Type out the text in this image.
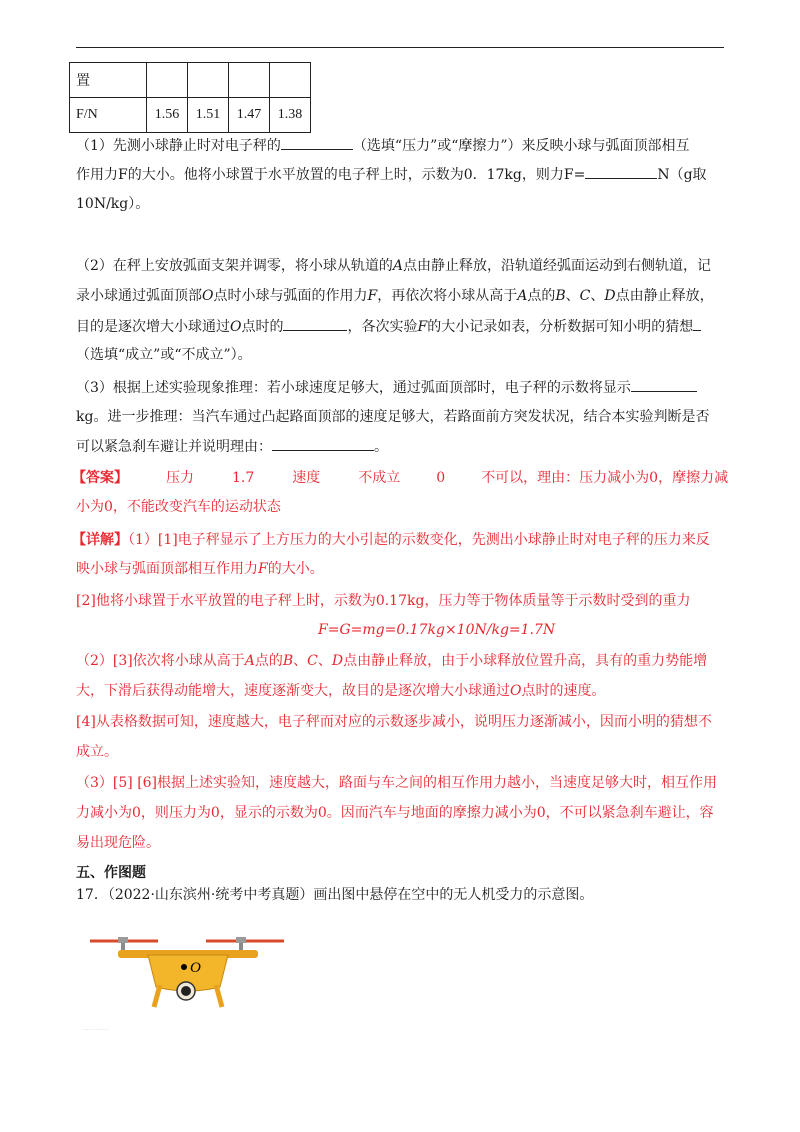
置				
F/N	1.56	1.51	1.47	1.38
（1）先测小球静止时对电子秤的	（选填“压力”或“摩擦力”）来反映小球与弧面顶部相互
作用力F的大小。他将小球置于水平放置的电子秤上时，示数为0．17kg，则力F=	N（g取
10N/kg）。
（2）在秤上安放弧面支架并调零，将小球从轨道的A点由静止释放，沿轨道经弧面运动到右侧轨道，记
录小球通过弧面顶部O点时小球与弧面的作用力F，再依次将小球从高于A点的B、C、D点由静止释放，
目的是逐次增大小球通过O点时的	，各次实验F的大小记录如表，分析数据可知小明的猜想
（选填“成立”或“不成立”）。
（3）根据上述实验现象推理：若小球速度足够大，通过弧面顶部时，电子秤的示数将显示
kg。进一步推理：当汽车通过凸起路面顶部的速度足够大，若路面前方突发状况，结合本实验判断是否
可以紧急刹车避让并说明理由：	。
【答案】	压力	1.7	速度	不成立	0	不可以，理由：压力减小为0，摩擦力减
小为0，不能改变汽车的运动状态
【详解】（1）[1]电子秤显示了上方压力的大小引起的示数变化，先测出小球静止时对电子秤的压力来反
映小球与弧面顶部相互作用力F的大小。
[2]他将小球置于水平放置的电子秤上时，示数为0.17kg，压力等于物体质量等于示数时受到的重力
F=G=mg=0.17kg×10N/kg=1.7N
（2）[3]依次将小球从高于A点的B、C、D点由静止释放，由于小球释放位置升高，具有的重力势能增
大，下滑后获得动能增大，速度逐渐变大，故目的是逐次增大小球通过O点时的速度。
[4]从表格数据可知，速度越大，电子秤而对应的示数逐步减小，说明压力逐渐减小，因而小明的猜想不
成立。
（3）[5] [6]根据上述实验知，速度越大，路面与车之间的相互作用力越小，当速度足够大时，相互作用
力减小为0，则压力为0，显示的示数为0。因而汽车与地面的摩擦力减小为0，不可以紧急刹车避让，容
易出现危险。
五、作图题
17．（2022·山东滨州·统考中考真题）画出图中悬停在空中的无人机受力的示意图。
O
············
